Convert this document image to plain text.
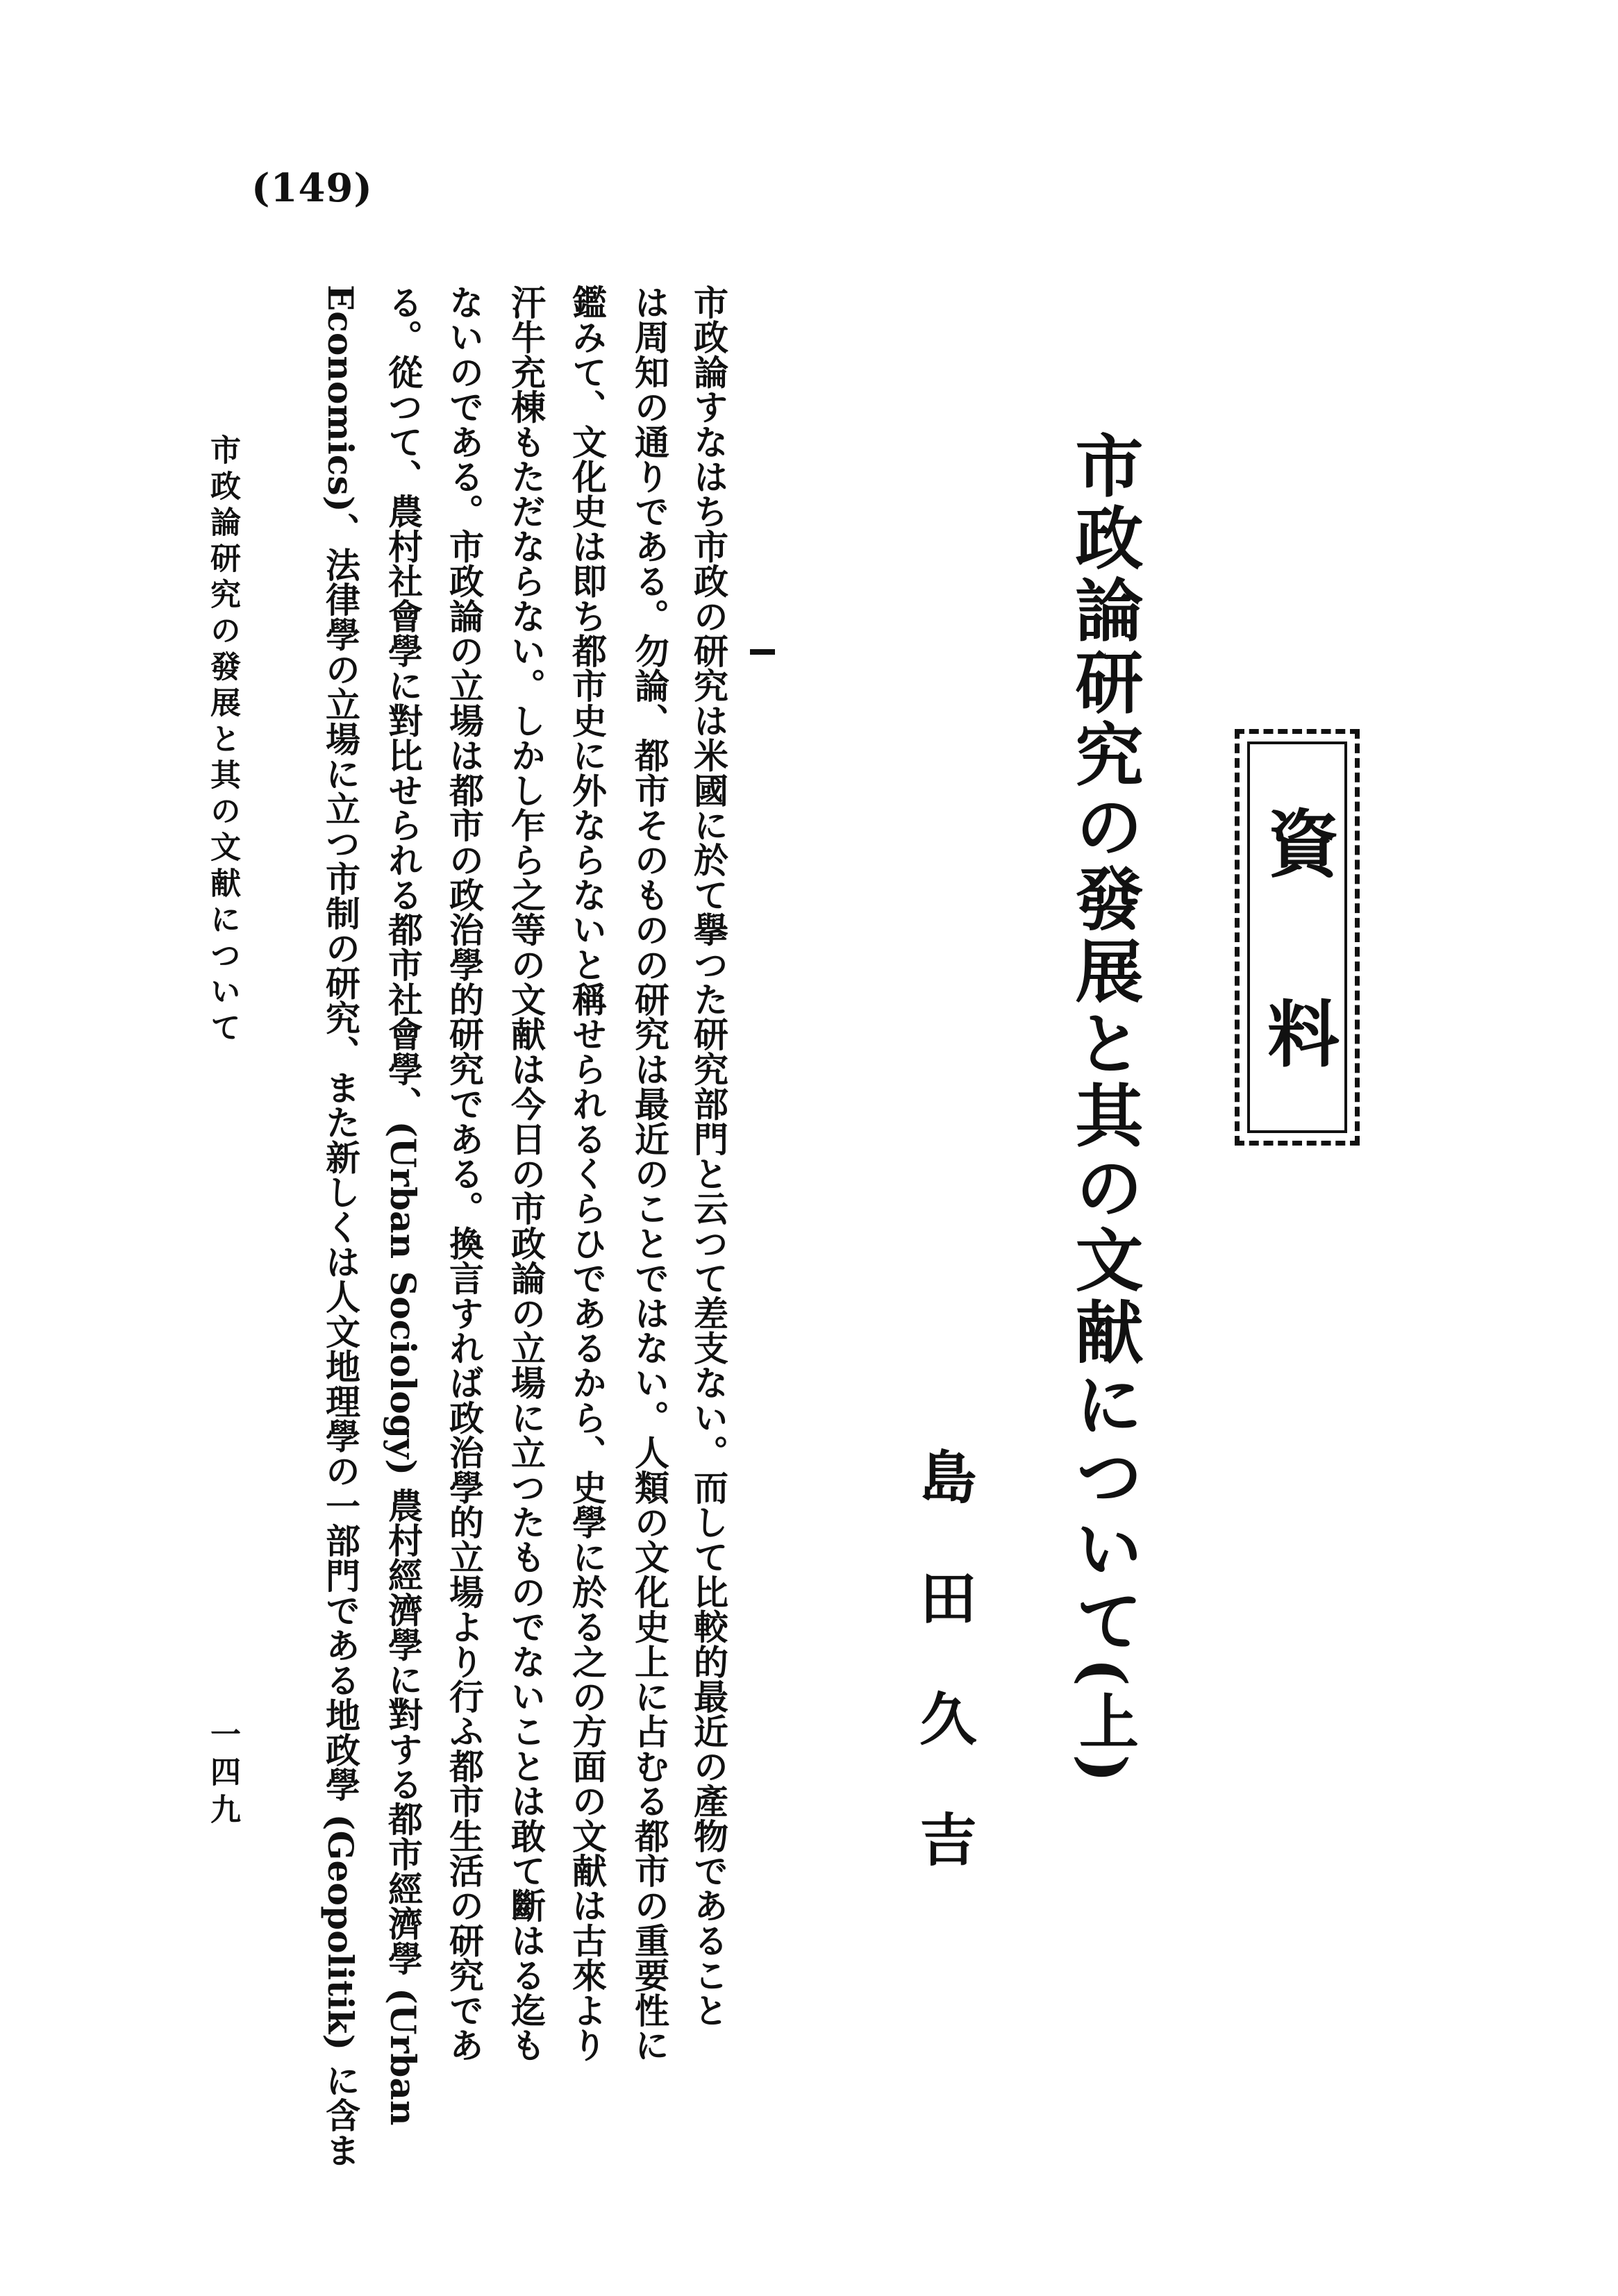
(149)
資料
市政論研究の發展と其の文献について(上)
島田久吉
市政論すなはち市政の研究は米國に於て擧つた研究部門と云つて差支ない。而して比較的最近の產物であること
は周知の通りである。勿論、都市そのものの研究は最近のことではない。人類の文化史上に占むる都市の重要性に
鑑みて、文化史は即ち都市史に外ならないと稱せられるくらひであるから、史學に於る之の方面の文献は古來より
汗牛充棟もただならない。しかし乍ら之等の文献は今日の市政論の立場に立つたものでないことは敢て斷はる迄も
ないのである。市政論の立場は都市の政治學的研究である。換言すれば政治學的立場より行ふ都市生活の研究であ
る。從つて、農村社會學に對比せられる都市社會學、(Urban Sociology) 農村經濟學に對する都市經濟學 (Urban
Economics)、法律學の立場に立つ市制の研究、また新しくは人文地理學の一部門である地政學 (Geopolitik) に含ま
市政論研究の發展と其の文献について
一四九
